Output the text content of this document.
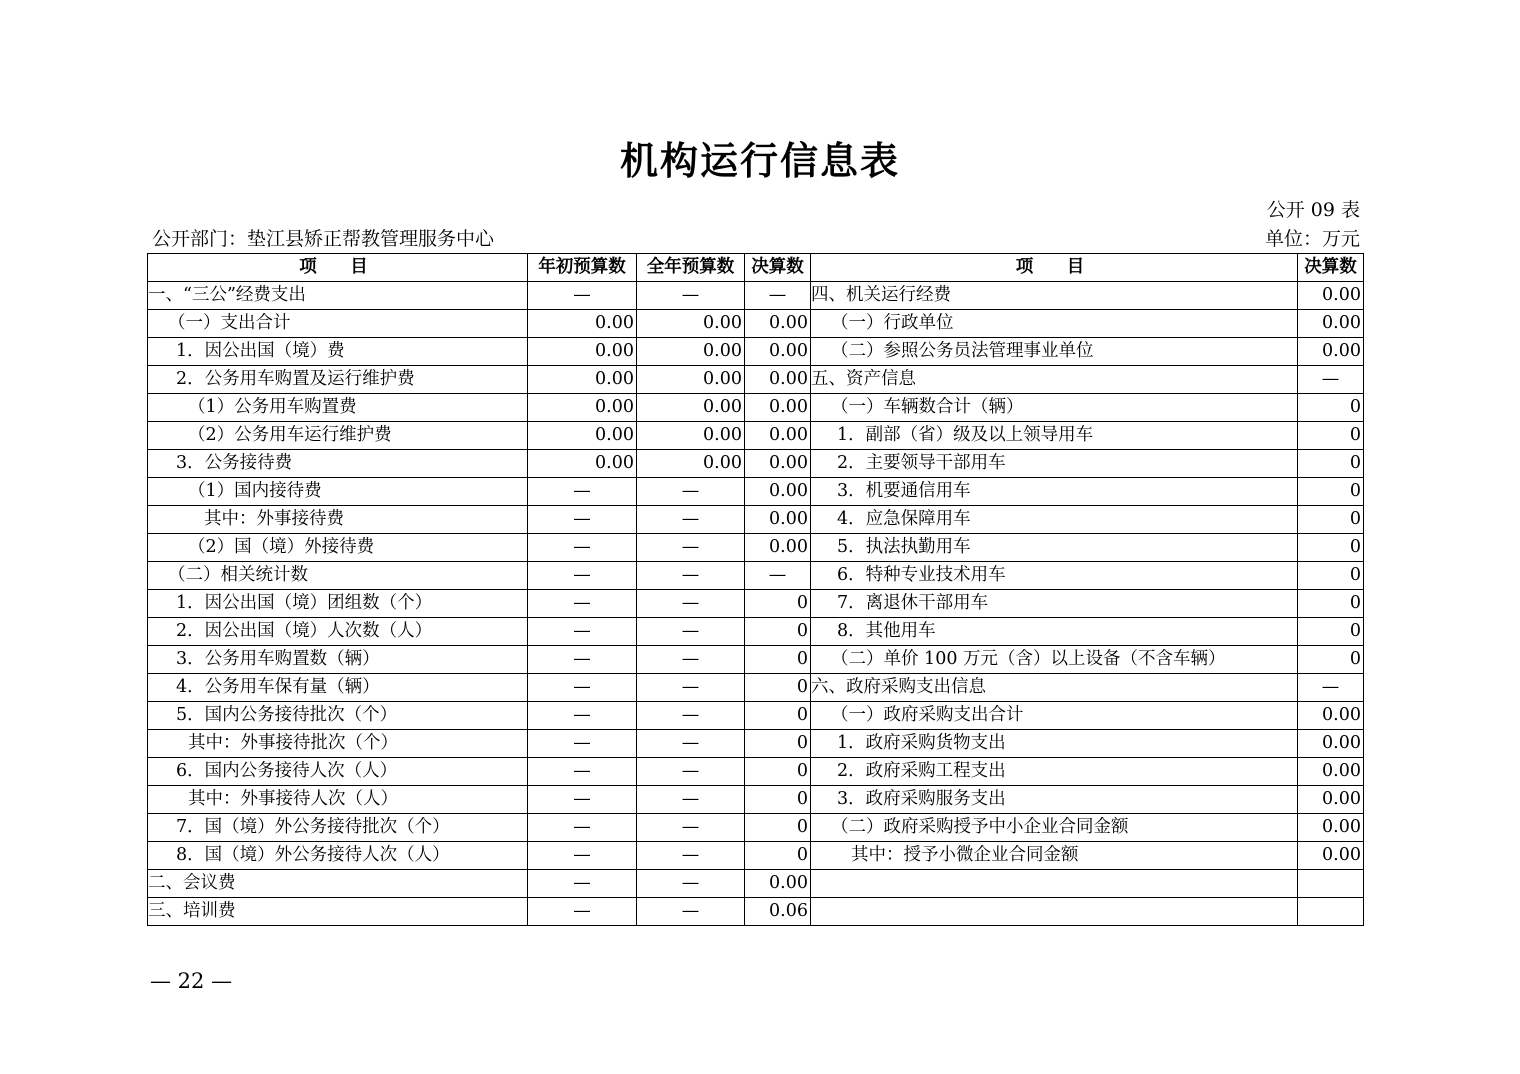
机构运行信息表
公开 09 表
公开部门：垫江县矫正帮教管理服务中心	单位：万元
项　目	年初预算数	全年预算数	决算数	项　目	决算数
一、“三公”经费支出	—	—	—	四、机关运行经费	0.00
（一）支出合计	0.00	0.00	0.00	（一）行政单位	0.00
1．因公出国（境）费	0.00	0.00	0.00	（二）参照公务员法管理事业单位	0.00
2．公务用车购置及运行维护费	0.00	0.00	0.00	五、资产信息	—
（1）公务用车购置费	0.00	0.00	0.00	（一）车辆数合计（辆）	0
（2）公务用车运行维护费	0.00	0.00	0.00	1．副部（省）级及以上领导用车	0
3．公务接待费	0.00	0.00	0.00	2．主要领导干部用车	0
（1）国内接待费	—	—	0.00	3．机要通信用车	0
其中：外事接待费	—	—	0.00	4．应急保障用车	0
（2）国（境）外接待费	—	—	0.00	5．执法执勤用车	0
（二）相关统计数	—	—	—	6．特种专业技术用车	0
1．因公出国（境）团组数（个）	—	—	0	7．离退休干部用车	0
2．因公出国（境）人次数（人）	—	—	0	8．其他用车	0
3．公务用车购置数（辆）	—	—	0	（二）单价 100 万元（含）以上设备（不含车辆）	0
4．公务用车保有量（辆）	—	—	0	六、政府采购支出信息	—
5．国内公务接待批次（个）	—	—	0	（一）政府采购支出合计	0.00
其中：外事接待批次（个）	—	—	0	1．政府采购货物支出	0.00
6．国内公务接待人次（人）	—	—	0	2．政府采购工程支出	0.00
其中：外事接待人次（人）	—	—	0	3．政府采购服务支出	0.00
7．国（境）外公务接待批次（个）	—	—	0	（二）政府采购授予中小企业合同金额	0.00
8．国（境）外公务接待人次（人）	—	—	0	其中：授予小微企业合同金额	0.00
二、会议费	—	—	0.00		
三、培训费	—	—	0.06		
— 22 —
